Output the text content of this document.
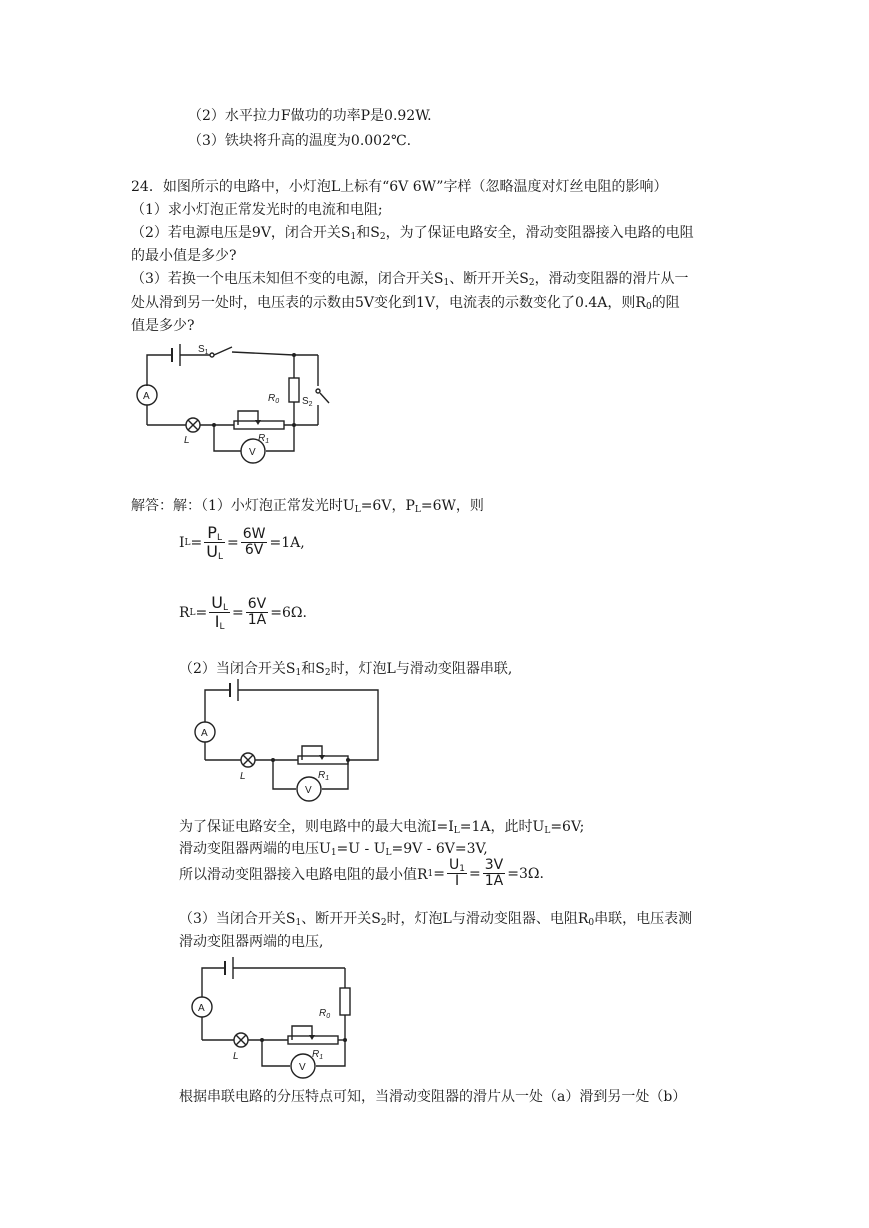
（2）水平拉力F做功的功率P是0.92W.
（3）铁块将升高的温度为0.002℃.
24．如图所示的电路中，小灯泡L上标有“6V 6W”字样（忽略温度对灯丝电阻的影响）
（1）求小灯泡正常发光时的电流和电阻;
（2）若电源电压是9V，闭合开关$S_1$和$S_2$，为了保证电路安全，滑动变阻器接入电路的电阻
的最小值是多少?
（3）若换一个电压未知但不变的电源，闭合开关$S_1$、断开开关$S_2$，滑动变阻器的滑片从一
处从滑到另一处时，电压表的示数由5V变化到1V，电流表的示数变化了0.4A，则$R_0$的阻
值是多少?
$S_1$
$S_2$
$R_0$
$R_1$
A
L
V
解答：解：（1）小灯泡正常发光时$U_L=6V$，$P_L=6W$，则
I $L = \frac{P_L}{U_L} = \frac{6W}{6V} =1A$,
R $L = \frac{U_L}{I_L} = \frac{6V}{1A} =6\Omega$.
（2）当闭合开关$S_1$和$S_2$时，灯泡L与滑动变阻器串联,
$R_1$
A
L
V
为了保证电路安全，则电路中的最大电流$I=I_L=1A$，此时$U_L=6V$;
滑动变阻器两端的电压$U_1=U - U_L=9V - 6V=3V$,
所以滑动变阻器接入电路电阻的最小值R $1 = \frac{U_1}{I} = \frac{3V}{1A} =3\Omega$.
（3）当闭合开关$S_1$、断开开关$S_2$时，灯泡L与滑动变阻器、电阻$R_0$串联，电压表测
滑动变阻器两端的电压,
$R_0$
$R_1$
A
L
V
根据串联电路的分压特点可知，当滑动变阻器的滑片从一处（a）滑到另一处（b）
